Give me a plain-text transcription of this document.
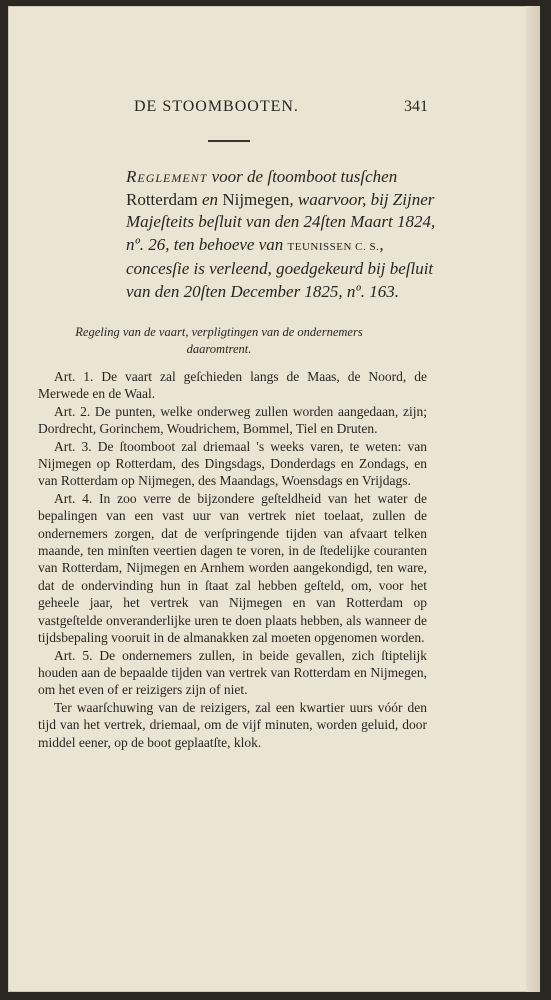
DE STOOMBOOTEN.	341
Reglement voor de ſtoomboot tusſchen Rotterdam en Nijmegen, waarvoor, bij Zijner Majeſteits beſluit van den 24ſten Maart 1824, nº. 26, ten behoeve van TEUNISSEN C. S., concesſie is verleend, goedgekeurd bij beſluit van den 20ſten December 1825, nº. 163.
Regeling van de vaart, verpligtingen van de ondernemers daaromtrent.

Art. 1. De vaart zal geſchieden langs de Maas, de Noord, de Merwede en de Waal.

Art. 2. De punten, welke onderweg zullen worden aangedaan, zijn; Dordrecht, Gorinchem, Woudrichem, Bommel, Tiel en Druten.

Art. 3. De ſtoomboot zal driemaal 's weeks varen, te weten: van Nijmegen op Rotterdam, des Dingsdags, Donderdags en Zondags, en van Rotterdam op Nijmegen, des Maandags, Woensdags en Vrijdags.

Art. 4. In zoo verre de bijzondere geſteldheid van het water de bepalingen van een vast uur van vertrek niet toelaat, zullen de ondernemers zorgen, dat de verſpringende tijden van afvaart telken maande, ten minſten veertien dagen te voren, in de ſtedelijke couranten van Rotterdam, Nijmegen en Arnhem worden aangekondigd, ten ware, dat de ondervinding hun in ſtaat zal hebben geſteld, om, voor het geheele jaar, het vertrek van Nijmegen en van Rotterdam op vastgeſtelde onveranderlijke uren te doen plaats hebben, als wanneer de tijdsbepaling vooruit in de almanakken zal moeten opgenomen worden.

Art. 5. De ondernemers zullen, in beide gevallen, zich ſtiptelijk houden aan de bepaalde tijden van vertrek van Rotterdam en Nijmegen, om het even of er reizigers zijn of niet.

Ter waarſchuwing van de reizigers, zal een kwartier uurs vóór den tijd van het vertrek, driemaal, om de vijf minuten, worden geluid, door middel eener, op de boot geplaatſte, klok.
